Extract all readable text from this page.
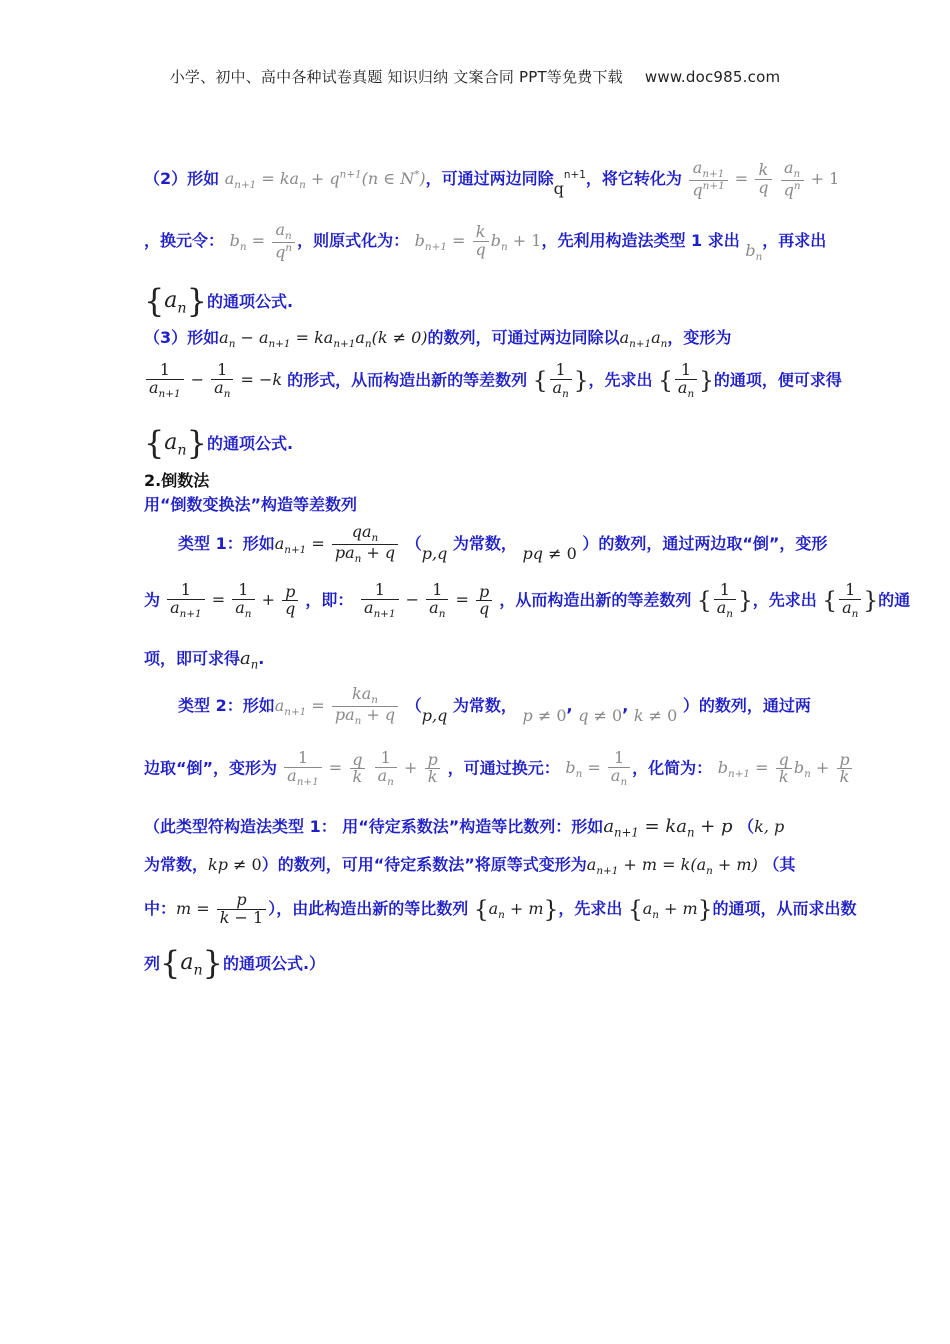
小学、初中、高中各种试卷真题 知识归纳 文案合同 PPT等免费下载 www.doc985.com
（2）形如 $a_{n+1} = ka_n + q^{n+1}(n$ ∈ N*)，可通过两边同除$q^{n+1}$，将它转化为 $\frac{a_{n+1}}{q^{n+1}} = \frac{k}{q}$
$\frac{a_n}{q^n} + 1$
，换元令： $b_n = \frac{a_n}{q^n}$ ，则原式化为： $b_{n+1} = \frac{k}{q} b_n + 1$，先利用构造法类型 1 求出 $b_n$，再求出
$\{a_n\}$的通项公式.
（3）形如$a_n - a_{n+1} = ka_{n+1}a_n(k \ne 0)$的数列，可通过两边同除以$a_{n+1}a_n$，变形为
$\frac{1}{a_{n+1}} - \frac{1}{a_n} = -k$ 的形式，从而构造出新的等差数列 { $\frac{1}{a_n}$ }，先求出 { $\frac{1}{a_n}$ }的通项，便可求得
$\{a_n\}$的通项公式.
2.倒数法
用“倒数变换法”构造等差数列
类型 1：形如$a_{n+1} = \frac{qa_n}{pa_n + q} (p,q$ 为常数， pq ≠ 0 ）的数列，通过两边取“倒”，变形
为 $\frac{1}{a_{n+1}} = \frac{1}{a_n} + \frac{p}{q}$ ，即： $\frac{1}{a_{n+1}} - \frac{1}{a_n} = \frac{p}{q}$ ，从而构造出新的等差数列 { $\frac{1}{a_n}$ }，先求出 { $\frac{1}{a_n}$ }的通
项，即可求得$a_n$.
类型 2：形如$a_{n+1} = \frac{ka_n}{pa_n + q} (p,q$ 为常数， p ≠ 0, q ≠ 0, k ≠ 0 ）的数列，通过两
边取“倒”，变形为 $\frac{1}{a_{n+1}} = \frac{q}{k}$
$\frac{1}{a_n} + \frac{p}{k}$ ，可通过换元： $b_n = \frac{1}{a_n}$ ，化简为： $b_{n+1} = \frac{q}{k} b_n + \frac{p}{k}$
（此类型符构造法类型 1： 用“待定系数法”构造等比数列：形如$a_{n+1} = ka_n + p$ （k, p
为常数，kp ≠ 0）的数列，可用“待定系数法”将原等式变形为$a_{n+1} + m = k(a_n + m)$ （其
中：$m = \frac{p}{k - 1}$ ），由此构造出新的等比数列 $\{a_n + m\}$，先求出 $\{a_n + m\}$的通项，从而求出数
列$\{a_n\}$的通项公式.）
